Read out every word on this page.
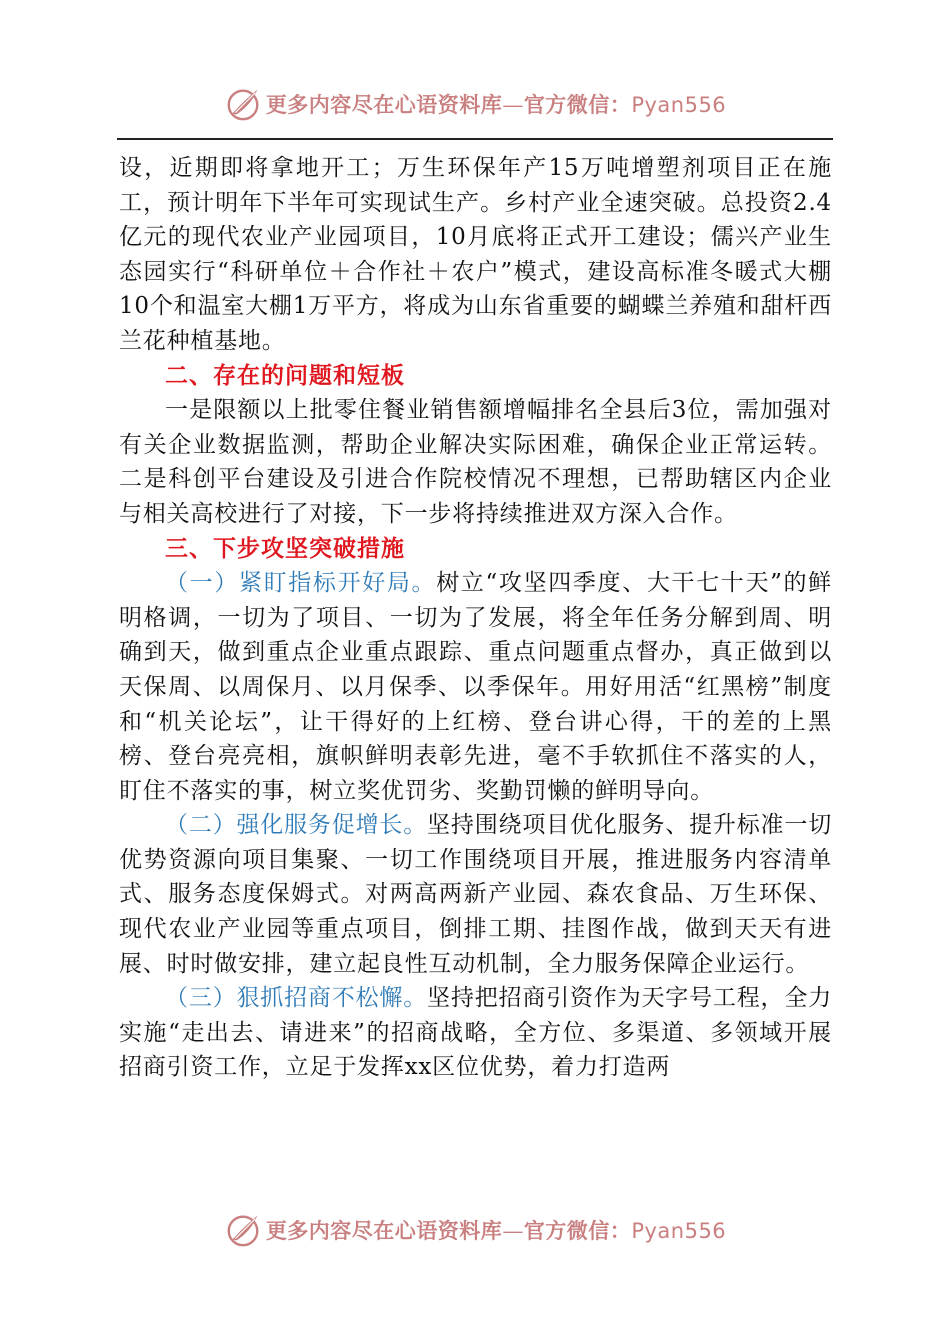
更多内容尽在心语资料库—官方微信：Pyan556

设，近期即将拿地开工；万生环保年产15万吨增塑剂项目正在施工，预计明年下半年可实现试生产。乡村产业全速突破。总投资2.4亿元的现代农业产业园项目，10月底将正式开工建设；儒兴产业生态园实行“科研单位＋合作社＋农户”模式，建设高标准冬暖式大棚10个和温室大棚1万平方，将成为山东省重要的蝴蝶兰养殖和甜杆西兰花种植基地。

二、存在的问题和短板

一是限额以上批零住餐业销售额增幅排名全县后3位，需加强对有关企业数据监测，帮助企业解决实际困难，确保企业正常运转。二是科创平台建设及引进合作院校情况不理想，已帮助辖区内企业与相关高校进行了对接，下一步将持续推进双方深入合作。

三、下步攻坚突破措施

（一）紧盯指标开好局。树立“攻坚四季度、大干七十天”的鲜明格调，一切为了项目、一切为了发展，将全年任务分解到周、明确到天，做到重点企业重点跟踪、重点问题重点督办，真正做到以天保周、以周保月、以月保季、以季保年。用好用活“红黑榜”制度和“机关论坛”，让干得好的上红榜、登台讲心得，干的差的上黑榜、登台亮亮相，旗帜鲜明表彰先进，毫不手软抓住不落实的人，盯住不落实的事，树立奖优罚劣、奖勤罚懒的鲜明导向。

（二）强化服务促增长。坚持围绕项目优化服务、提升标准一切优势资源向项目集聚、一切工作围绕项目开展，推进服务内容清单式、服务态度保姆式。对两高两新产业园、森农食品、万生环保、现代农业产业园等重点项目，倒排工期、挂图作战，做到天天有进展、时时做安排，建立起良性互动机制，全力服务保障企业运行。

（三）狠抓招商不松懈。坚持把招商引资作为天字号工程，全力实施“走出去、请进来”的招商战略，全方位、多渠道、多领域开展招商引资工作，立足于发挥xx区位优势，着力打造两

更多内容尽在心语资料库—官方微信：Pyan556
